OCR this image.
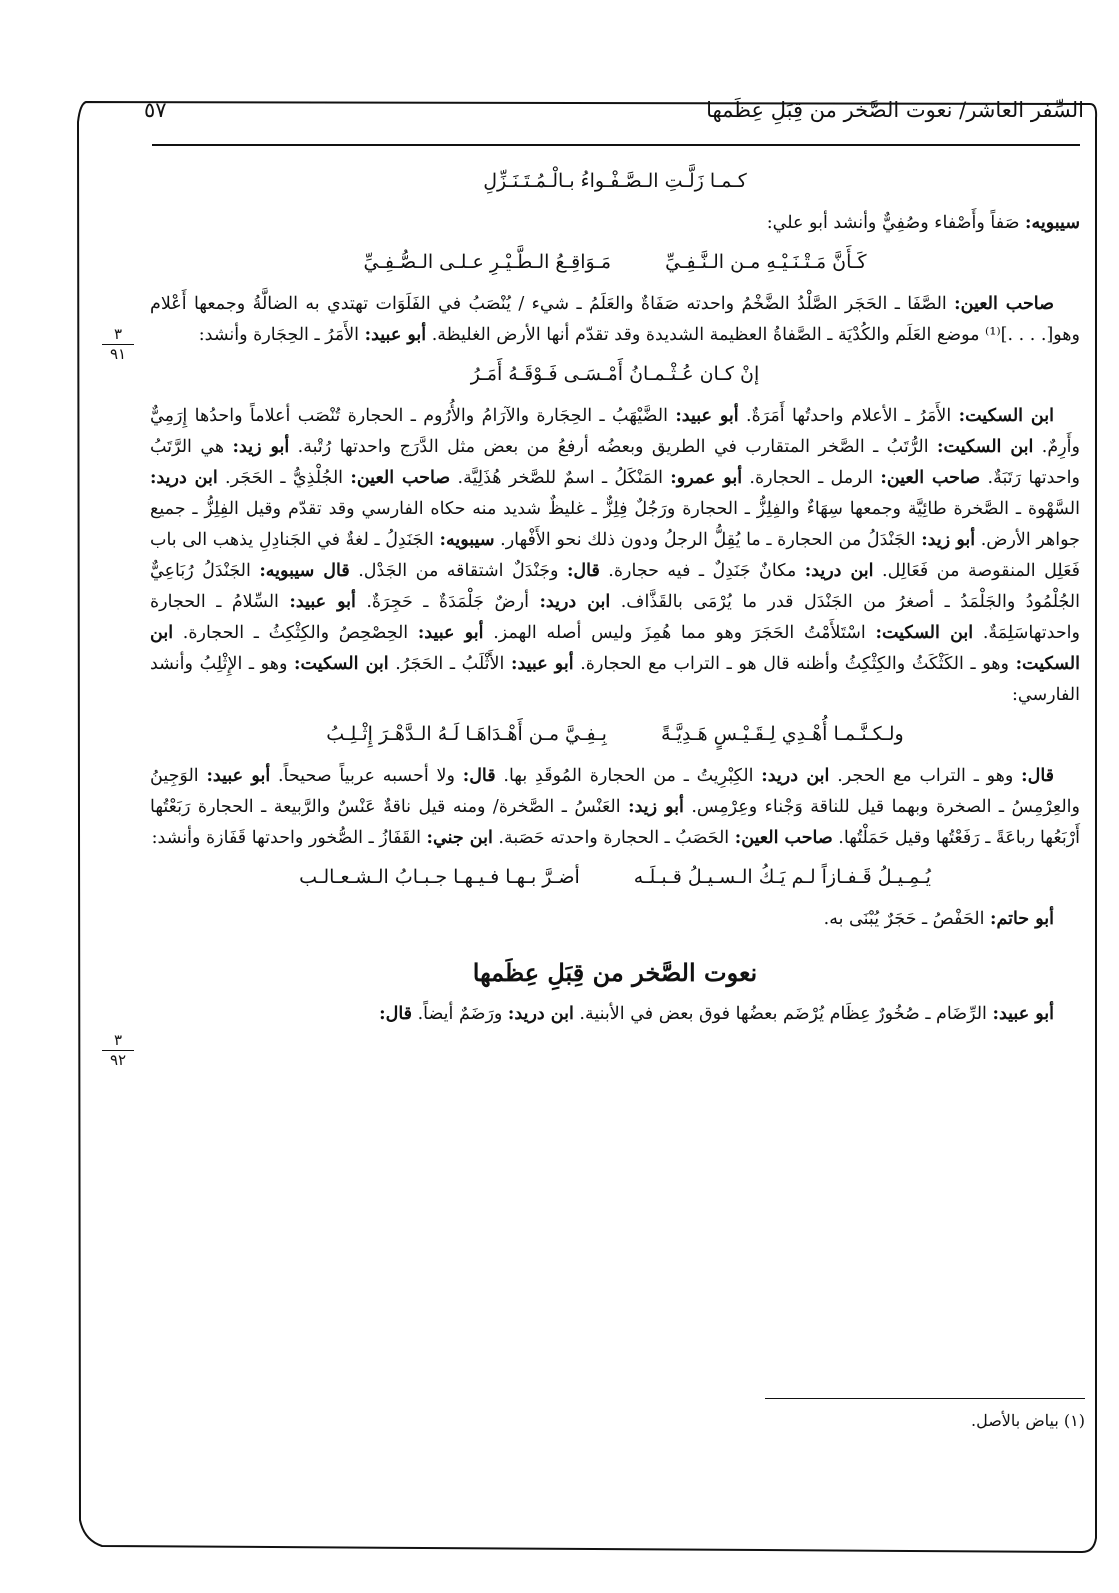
٥٧	السِّفر العاشر/ نعوت الصَّخر من قِبَلِ عِظَمها
٣
٩١
٣
٩٢

كـمـا زَلَّـتِ الـصَّـفْـواءُ بـالْـمُـتَـنَـزِّلِ

سيبويه: صَفاً وأَصْفاء وصُفِيٌّ وأنشد أبو علي:

كَـأَنَّ مَـتْـنَـيْـهِ مـن الـنَّـفِـيِّ مَـوَاقِـعُ الـطَّـيْـرِ عـلـى الـصُّـفِـيِّ

صاحب العين: الصَّفَا ـ الحَجَر الصَّلْدُ الضَّخْمُ واحدته صَفَاةٌ والعَلَمُ ـ شيء / يُنْصَبُ في الفَلَوَات تهتدي به الضالَّةُ وجمعها أَعْلام وهو[. . . .]⁽¹⁾ موضع العَلَم والكُدْيَة ـ الصَّفاةُ العظيمة الشديدة وقد تقدّم أنها الأرض الغليظة. أبو عبيد: الأَمَرُ ـ الحِجَارة وأنشد:

إنْ كـان عُـثْـمـانُ أَمْـسَـى فَـوْقَـهُ أَمَـرُ

ابن السكيت: الأَمَرُ ـ الأعلام واحدتُها أَمَرَةٌ. أبو عبيد: الضَّيْهَبُ ـ الحِجَارة والآرَامُ والأُرُوم ـ الحجارة تُنْصَب أعلاماً واحدُها إِرَمِيٌّ وأَرِمٌ. ابن السكيت: الرُّتَبُ ـ الصَّخر المتقارب في الطريق وبعضُه أرفعُ من بعض مثل الدَّرَج واحدتها رُتْبة. أبو زيد: هي الرَّتَبُ واحدتها رَتَبَةٌ. صاحب العين: الرمل ـ الحجارة. أبو عمرو: المَنْكَلُ ـ اسمٌ للصَّخر هُذَلِيَّة. صاحب العين: الجُلْذِيُّ ـ الحَجَر. ابن دريد: السَّهْوة ـ الصَّخرة طائِيَّة وجمعها سِهَاءٌ والفِلِزُّ ـ الحجارة ورَجُلٌ فِلِزٌّ ـ غليظٌ شديد منه حكاه الفارسي وقد تقدّم وقيل الفِلِزُّ ـ جميع جواهر الأرض. أبو زيد: الجَنْدَلُ من الحجارة ـ ما يُقِلُّ الرجلُ ودون ذلك نحو الأَفْهار. سيبويه: الجَنَدِلُ ـ لغةٌ في الجَنادِلِ يذهب الى باب فَعَلِل المنقوصة من فَعَالِل. ابن دريد: مكانٌ جَنَدِلٌ ـ فيه حجارة. قال: وجَنْدَلٌ اشتقاقه من الجَدْل. قال سيبويه: الجَنْدَلُ رُبَاعِيٌّ الجُلْمُودُ والجَلْمَدُ ـ أصغرُ من الجَنْدَل قدر ما يُرْمَى بالقَذَّاف. ابن دريد: أرضٌ جَلْمَدَةٌ ـ حَجِرَةٌ. أبو عبيد: السِّلامُ ـ الحجارة واحدتهاسَلِمَةٌ. ابن السكيت: اسْتَلأَمْتُ الحَجَرَ وهو مما هُمِزَ وليس أصله الهمز. أبو عبيد: الحِصْحِصُ والكِثْكِثُ ـ الحجارة. ابن السكيت: وهو ـ الكَثْكَثُ والكِثْكِثُ وأظنه قال هو ـ التراب مع الحجارة. أبو عبيد: الأَثْلَبُ ـ الحَجَرُ. ابن السكيت: وهو ـ الإِثْلِبُ وأنشد الفارسي:

ولـكـنَّـمـا أُهْـدِي لِـقَـيْـسٍ هَـدِيَّـةً بِـفِـيَّ مـن أَهْـدَاهَـا لَـهُ الـدَّهْـرَ إِثْـلِـبُ

قال: وهو ـ التراب مع الحجر. ابن دريد: الكِبْرِيتُ ـ من الحجارة المُوقَدِ بها. قال: ولا أحسبه عربياً صحيحاً. أبو عبيد: الوَجِينُ والعِرْمِسُ ـ الصخرة وبهما قيل للناقة وَجْناء وعِرْمِس. أبو زيد: العَنْسُ ـ الصَّخرة/ ومنه قيل ناقةٌ عَنْسٌ والرَّبيعة ـ الحجارة رَبَعْتُها أَرْبَعُها رباعَةً ـ رَفَعْتُها وقيل حَمَلْتُها. صاحب العين: الحَصَبُ ـ الحجارة واحدته حَصَبة. ابن جني: القَفَازُ ـ الصُّخور واحدتها قَفَازة وأنشد:

يُـمِـيـلُ قَـفـازاً لـم يَـكُ الـسـيـلُ قـبـلَـه أضـرَّ بـهـا فـيـهـا جـبـابُ الـشـعـالـب

أبو حاتم: الحَفْصُ ـ حَجَرٌ يُبْنَى به.

نعوت الصَّخر من قِبَلِ عِظَمها

أبو عبيد: الرِّضَام ـ صُخُورٌ عِظَام يُرْضَم بعضُها فوق بعض في الأبنية. ابن دريد: ورَضَمٌ أيضاً. قال:

(١) بياض بالأصل.
